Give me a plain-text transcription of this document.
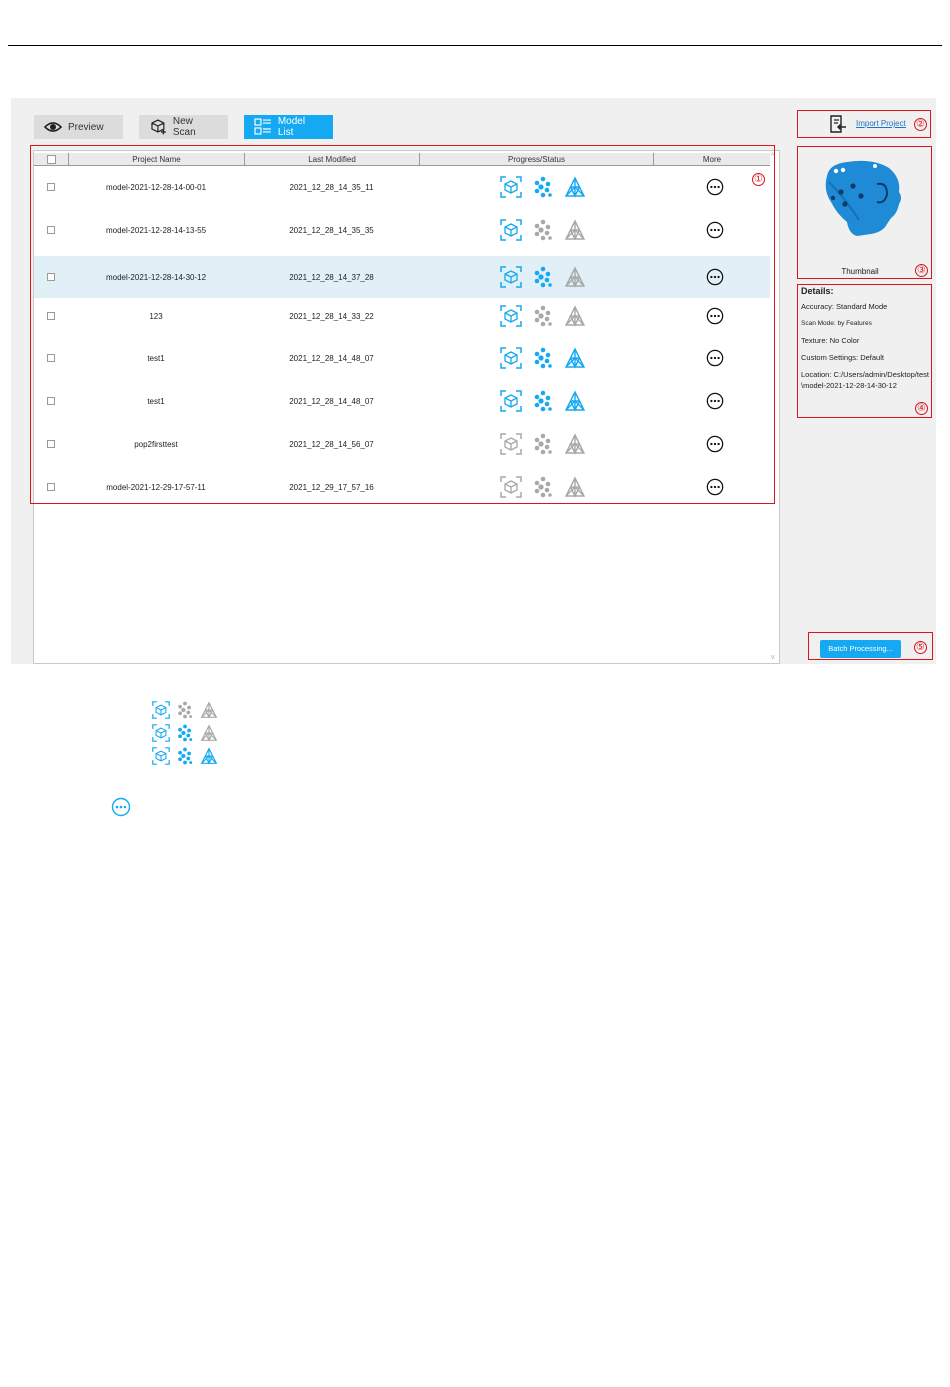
Preview	New Scan
Model List
Project Name	Last Modified	Progress/Status	More	^
v
model-2021-12-28-14-00-01	2021_12_28_14_35_11
model-2021-12-28-14-13-55	2021_12_28_14_35_35
model-2021-12-28-14-30-12	2021_12_28_14_37_28
123	2021_12_28_14_33_22
test1	2021_12_28_14_48_07
test1	2021_12_28_14_48_07
pop2firsttest	2021_12_28_14_56_07
model-2021-12-29-17-57-11	2021_12_29_17_57_16
①
②
③
④
⑤
Import Project
Thumbnail
Details:
Accuracy: Standard Mode
Scan Mode: by Features
Texture: No Color
Custom Settings: Default
Location: C:/Users/admin/Desktop/test\model-2021-12-28-14-30-12
Batch Processing...
